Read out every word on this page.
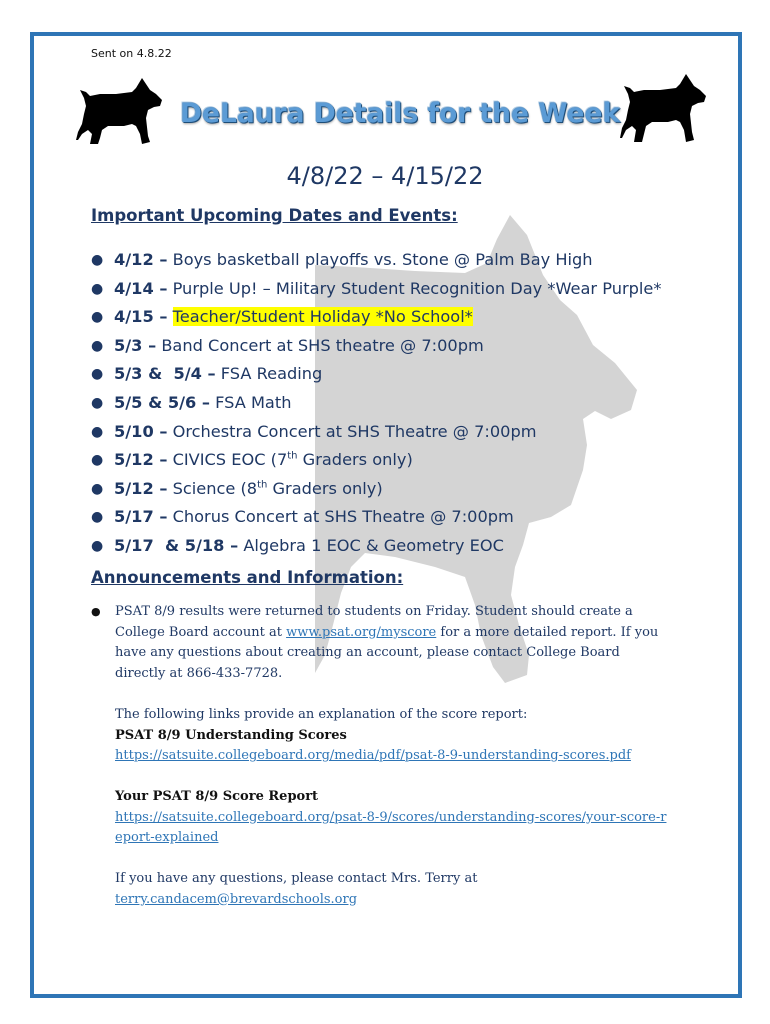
Sent on 4.8.22
DeLaura Details for the Week
4/8/22 – 4/15/22
Important Upcoming Dates and Events:
● 4/12 – Boys basketball playoffs vs. Stone @ Palm Bay High
● 4/14 – Purple Up! – Military Student Recognition Day *Wear Purple*
● 4/15 – Teacher/Student Holiday *No School*
● 5/3 – Band Concert at SHS theatre @ 7:00pm
● 5/3 &  5/4 – FSA Reading
● 5/5 & 5/6 – FSA Math
● 5/10 – Orchestra Concert at SHS Theatre @ 7:00pm
● 5/12 – CIVICS EOC (7th Graders only)
● 5/12 – Science (8th Graders only)
● 5/17 – Chorus Concert at SHS Theatre @ 7:00pm
● 5/17  & 5/18 – Algebra 1 EOC & Geometry EOC
Announcements and Information:
●	PSAT 8/9 results were returned to students on Friday. Student should create a College Board account at www.psat.org/myscore for a more detailed report. If you have any questions about creating an account, please contact College Board directly at 866-433-7728.
The following links provide an explanation of the score report:
PSAT 8/9 Understanding Scores
https://satsuite.collegeboard.org/media/pdf/psat-8-9-understanding-scores.pdf
Your PSAT 8/9 Score Report
https://satsuite.collegeboard.org/psat-8-9/scores/understanding-scores/your-score-report-explained
If you have any questions, please contact Mrs. Terry at
terry.candacem@brevardschools.org
